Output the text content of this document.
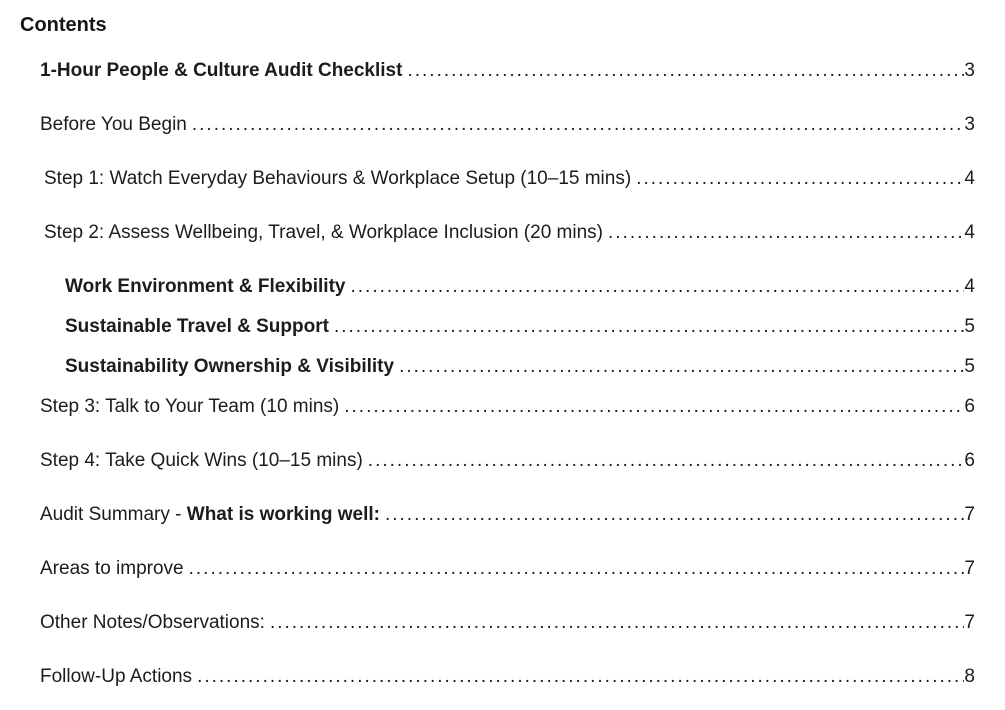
Contents
1-Hour People & Culture Audit Checklist .....	3
Before You Begin .....	3
Step 1: Watch Everyday Behaviours & Workplace Setup (10–15 mins) .....	4
Step 2: Assess Wellbeing, Travel, & Workplace Inclusion (20 mins) .....	4
Work Environment & Flexibility .....	4
Sustainable Travel & Support .....	5
Sustainability Ownership & Visibility .....	5
Step 3: Talk to Your Team (10 mins) .....	6
Step 4: Take Quick Wins (10–15 mins) .....	6
Audit Summary - What is working well: .....	7
Areas to improve .....	7
Other Notes/Observations: .....	7
Follow-Up Actions .....	8
